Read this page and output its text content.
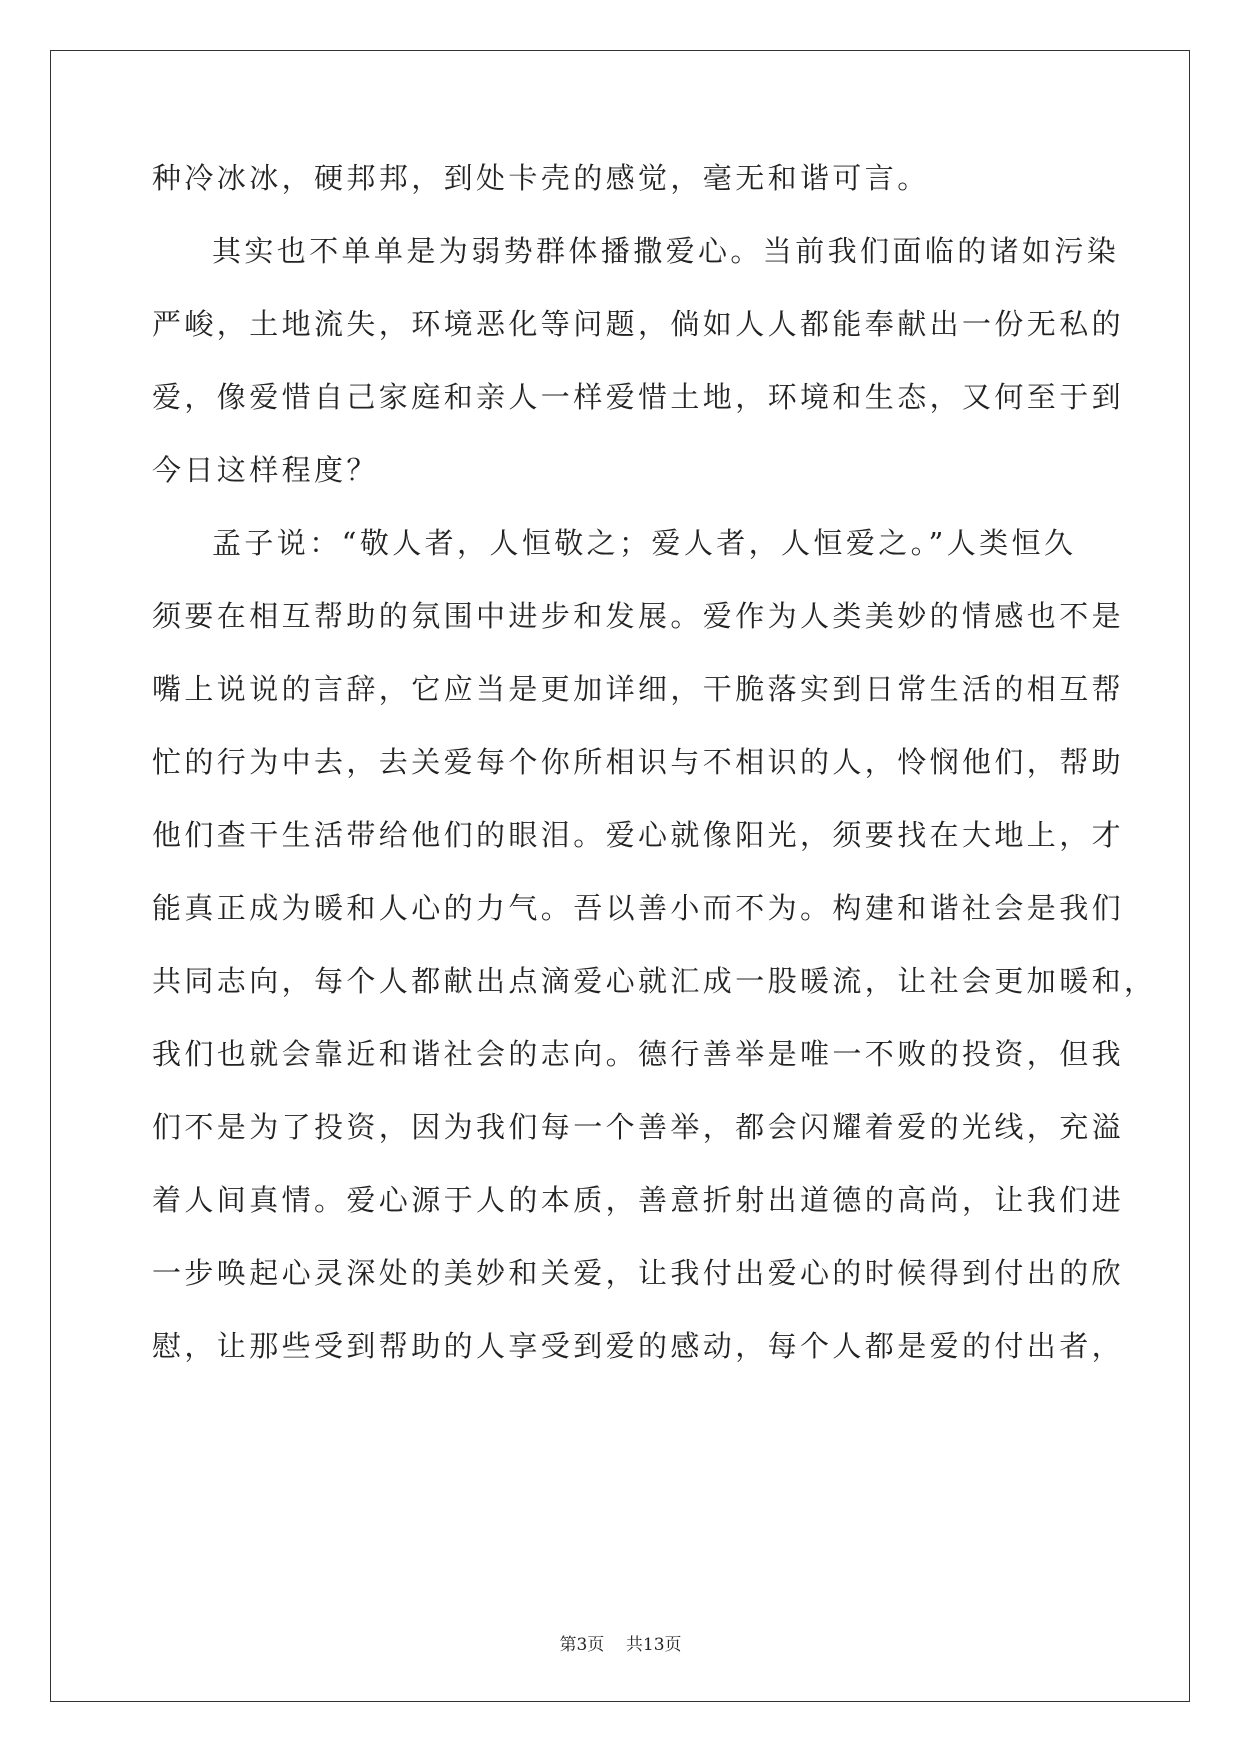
种冷冰冰，硬邦邦，到处卡壳的感觉，毫无和谐可言。
其实也不单单是为弱势群体播撒爱心。当前我们面临的诸如污染
严峻，土地流失，环境恶化等问题，倘如人人都能奉献出一份无私的
爱，像爱惜自己家庭和亲人一样爱惜土地，环境和生态，又何至于到
今日这样程度？
孟子说：“敬人者，人恒敬之；爱人者，人恒爱之。”人类恒久
须要在相互帮助的氛围中进步和发展。爱作为人类美妙的情感也不是
嘴上说说的言辞，它应当是更加详细，干脆落实到日常生活的相互帮
忙的行为中去，去关爱每个你所相识与不相识的人，怜悯他们，帮助
他们查干生活带给他们的眼泪。爱心就像阳光，须要找在大地上，才
能真正成为暖和人心的力气。吾以善小而不为。构建和谐社会是我们
共同志向，每个人都献出点滴爱心就汇成一股暖流，让社会更加暖和，
我们也就会靠近和谐社会的志向。德行善举是唯一不败的投资，但我
们不是为了投资，因为我们每一个善举，都会闪耀着爱的光线，充溢
着人间真情。爱心源于人的本质，善意折射出道德的高尚，让我们进
一步唤起心灵深处的美妙和关爱，让我付出爱心的时候得到付出的欣
慰，让那些受到帮助的人享受到爱的感动，每个人都是爱的付出者，
第3页 共13页
